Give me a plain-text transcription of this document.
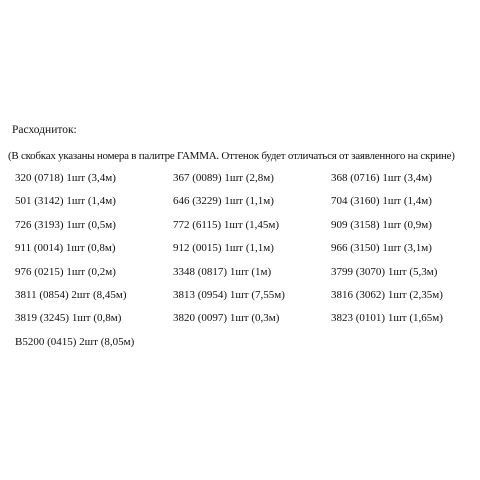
Расходниток:
(В скобках указаны номера в палитре ГАММА. Оттенок будет отличаться от заявленного на скрине)
320 (0718) 1шт (3,4м)	367 (0089) 1шт (2,8м)	368 (0716) 1шт (3,4м)
501 (3142) 1шт (1,4м)	646 (3229) 1шт (1,1м)	704 (3160) 1шт (1,4м)
726 (3193) 1шт (0,5м)	772 (6115) 1шт (1,45м)	909 (3158) 1шт (0,9м)
911 (0014) 1шт (0,8м)	912 (0015) 1шт (1,1м)	966 (3150) 1шт (3,1м)
976 (0215) 1шт (0,2м)	3348 (0817) 1шт (1м)	3799 (3070) 1шт (5,3м)
3811 (0854) 2шт (8,45м)	3813 (0954) 1шт (7,55м)	3816 (3062) 1шт (2,35м)
3819 (3245) 1шт (0,8м)	3820 (0097) 1шт (0,3м)	3823 (0101) 1шт (1,65м)
B5200 (0415) 2шт (8,05м)
